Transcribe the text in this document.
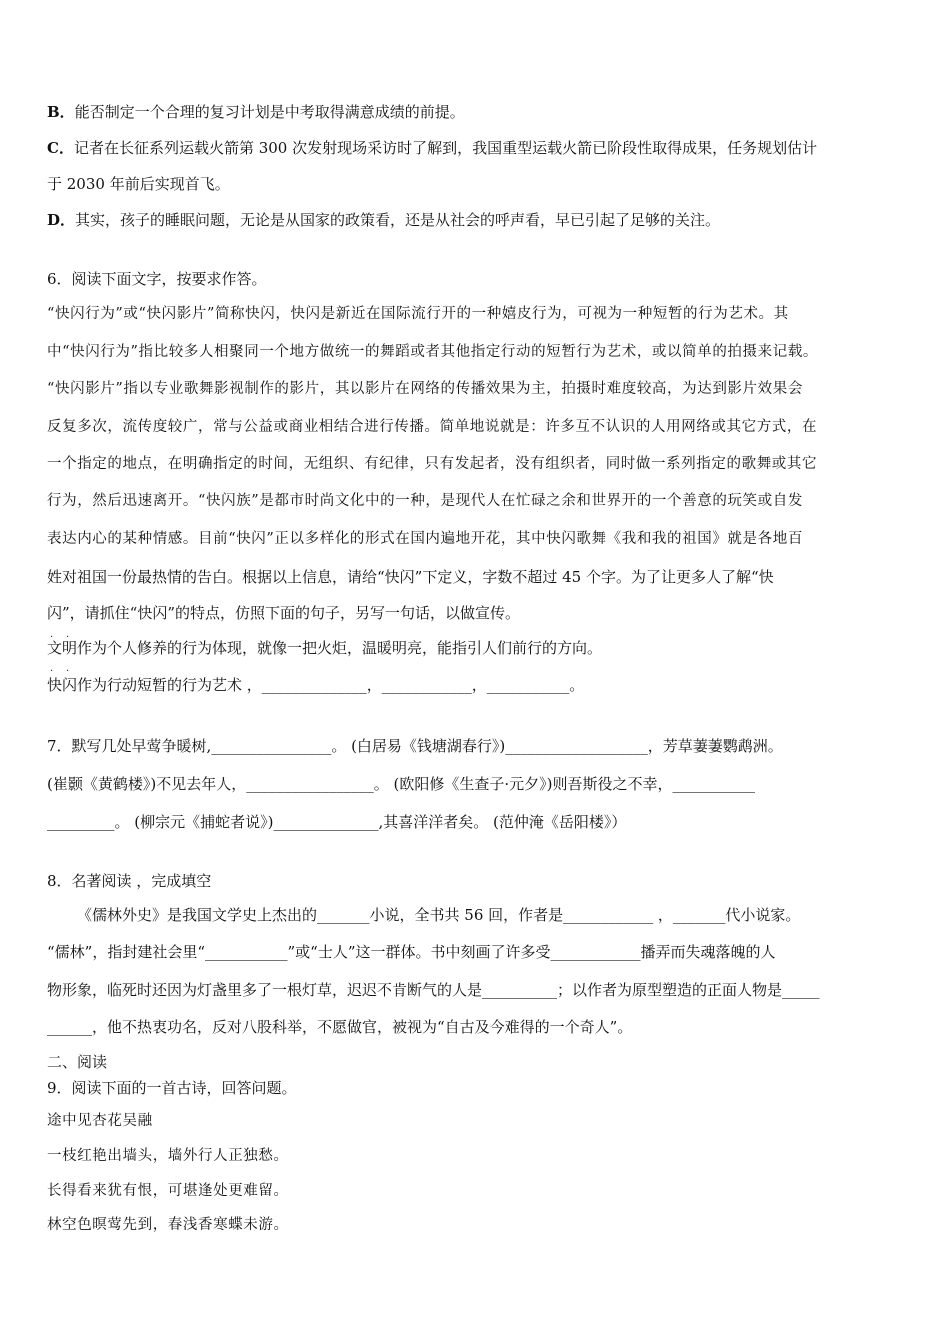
B．能否制定一个合理的复习计划是中考取得满意成绩的前提。
C．记者在长征系列运载火箭第 300 次发射现场采访时了解到，我国重型运载火箭已阶段性取得成果，任务规划估计
于 2030 年前后实现首飞。
D．其实，孩子的睡眠问题，无论是从国家的政策看，还是从社会的呼声看，早已引起了足够的关注。
6．阅读下面文字，按要求作答。
“快闪行为”或“快闪影片”简称快闪，快闪是新近在国际流行开的一种嬉皮行为，可视为一种短暂的行为艺术。其
中“快闪行为”指比较多人相聚同一个地方做统一的舞蹈或者其他指定行动的短暂行为艺术，或以简单的拍摄来记载。
“快闪影片”指以专业歌舞影视制作的影片，其以影片在网络的传播效果为主，拍摄时难度较高，为达到影片效果会
反复多次，流传度较广，常与公益或商业相结合进行传播。简单地说就是：许多互不认识的人用网络或其它方式，在
一个指定的地点，在明确指定的时间，无组织、有纪律，只有发起者，没有组织者，同时做一系列指定的歌舞或其它
行为，然后迅速离开。“快闪族”是都市时尚文化中的一种，是现代人在忙碌之余和世界开的一个善意的玩笑或自发
表达内心的某种情感。目前“快闪”正以多样化的形式在国内遍地开花，其中快闪歌舞《我和我的祖国》就是各地百
姓对祖国一份最热情的告白。根据以上信息，请给“快闪”下定义，字数不超过 45 个字。为了让更多人了解“快
闪”，请抓住“快闪”的特点，仿照下面的句子，另写一句话，以做宣传。
. .
文明作为个人修养的行为体现，就像一把火炬，温暖明亮，能指引人们前行的方向。
. .
快闪作为行动短暂的行为艺术 ，______________，____________，___________。
7．默写几处早莺争暖树,________________。 (白居易《钱塘湖春行》)___________________，芳草萋萋鹦鹉洲。
(崔颢《黄鹤楼》)不见去年人，_________________。 (欧阳修《生查子·元夕》)则吾斯役之不幸，___________
_________。 (柳宗元《捕蛇者说》)______________,其喜洋洋者矣。 (范仲淹《岳阳楼》）
8．名著阅读 ，完成填空
《儒林外史》是我国文学史上杰出的_______小说，全书共 56 回，作者是____________ ，_______代小说家。
“儒林”，指封建社会里“___________”或“士人”这一群体。书中刻画了许多受____________播弄而失魂落魄的人
物形象，临死时还因为灯盏里多了一根灯草，迟迟不肯断气的人是__________；以作者为原型塑造的正面人物是_____
______，他不热衷功名，反对八股科举，不愿做官，被视为“自古及今难得的一个奇人”。
二、阅读
9．阅读下面的一首古诗，回答问题。
途中见杏花吴融
一枝红艳出墙头，墙外行人正独愁。
长得看来犹有恨，可堪逢处更难留。
林空色暝莺先到，春浅香寒蝶未游。
